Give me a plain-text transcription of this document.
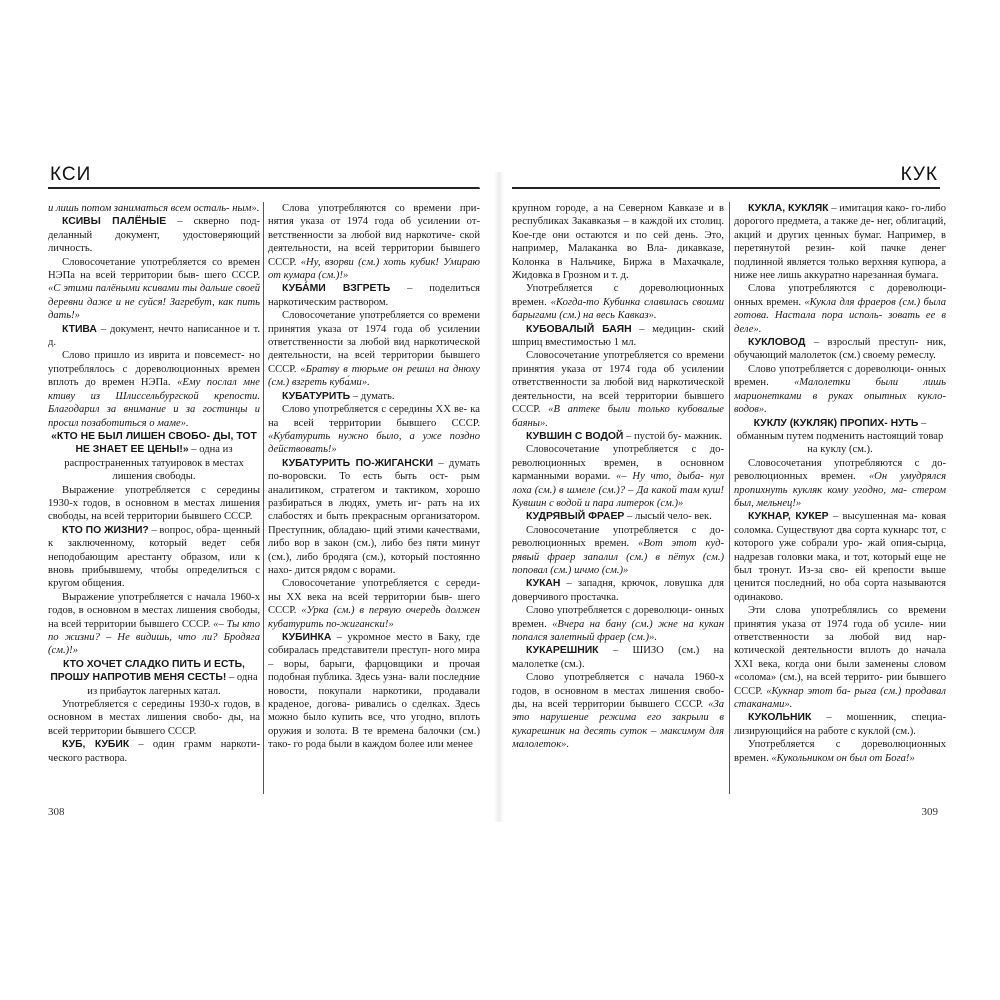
КСИ

и лишь потом заниматься всем осталь- ным».

КСИВЫ ПАЛЁНЫЕ – скверно под- деланный документ, удостоверяющий личность.

Словосочетание употребляется со времен НЭПа на всей территории быв- шего СССР. «С этими палёными ксивами ты дальше своей деревни даже и не суйся! Загребут, как пить дать!»

КТИВА – документ, нечто написанное и т. д.

Слово пришло из иврита и повсемест- но употреблялось с дореволюционных времен вплоть до времен НЭПа. «Ему послал мне ктиву из Шлиссельбургской крепости. Благодарил за внимание и за гостинцы и просил позаботиться о маме».

«КТО НЕ БЫЛ ЛИШЕН СВОБО- ДЫ, ТОТ НЕ ЗНАЕТ ЕЕ ЦЕНЫ!» – одна из распространенных татуировок в местах лишения свободы.

Выражение употребляется с середины 1930-х годов, в основном в местах лишения свободы, на всей территории бывшего СССР.

КТО ПО ЖИЗНИ? – вопрос, обра- щенный к заключенному, который ведет себя неподобающим арестанту образом, или к вновь прибывшему, чтобы определиться с кругом общения.

Выражение употребляется с начала 1960-х годов, в основном в местах лишения свободы, на всей территории бывшего СССР. «– Ты кто по жизни? – Не видишь, что ли? Бродяга (см.)!»

КТО ХОЧЕТ СЛАДКО ПИТЬ И ЕСТЬ, ПРОШУ НАПРОТИВ МЕНЯ СЕСТЬ! – одна из прибауток лагерных катал.

Употребляется с середины 1930-х годов, в основном в местах лишения свобо- ды, на всей территории бывшего СССР.

КУБ, КУБИК – один грамм наркоти- ческого раствора.

Слова употребляются со времени при- нятия указа от 1974 года об усилении от- ветственности за любой вид наркотиче- ской деятельности, на всей территории бывшего СССР. «Ну, взорви (см.) хоть кубик! Умираю от кумара (см.)!»

КУБА́МИ ВЗГРЕТЬ – поделиться наркотическим раствором.

Словосочетание употребляется со времени принятия указа от 1974 года об усилении ответственности за любой вид наркотической деятельности, на всей территории бывшего СССР. «Братву в тюрьме он решил на днюху (см.) взгреть куба́ми».

КУБАТУРИТЬ – думать.

Слово употребляется с середины XX ве- ка на всей территории бывшего СССР. «Кубатурить нужно было, а уже поздно действовать!»

КУБАТУРИТЬ ПО-ЖИГАНСКИ – думать по-воровски. То есть быть ост- рым аналитиком, стратегом и тактиком, хорошо разбираться в людях, уметь иг- рать на их слабостях и быть прекрасным организатором. Преступник, обладаю- щий этими качествами, либо вор в закон (см.), либо без пяти минут (см.), либо бродяга (см.), который постоянно нахо- дится рядом с ворами.

Словосочетание употребляется с середи- ны XX века на всей территории быв- шего СССР. «Урка (см.) в первую очередь должен кубатурить по-жигански!»

КУБИНКА – укромное место в Баку, где собиралась представители преступ- ного мира – воры, барыги, фарцовщики и прочая подобная публика. Здесь узна- вали последние новости, покупали наркотики, продавали краденое, догова- ривались о сделках. Здесь можно было купить все, что угодно, вплоть оружия и золота. В те времена балочки (см.) тако- го рода были в каждом более или менее

308
КУК

крупном городе, а на Северном Кавказе и в республиках Закавказья – в каждой их столиц. Кое-где они остаются и по сей день. Это, например, Малаканка во Вла- дикавказе, Колонка в Нальчике, Биржа в Махачкале, Жидовка в Грозном и т. д.

Употребляется с дореволюционных времен. «Когда-то Кубинка славилась своими барыгами (см.) на весь Кавказ».

КУБОВАЛЫЙ БАЯН – медицин- ский шприц вместимостью 1 мл.

Словосочетание употребляется со времени принятия указа от 1974 года об усилении ответственности за любой вид наркотической деятельности, на всей территории бывшего СССР. «В аптеке были только кубовалые баяны».

КУВШИН С ВОДОЙ – пустой бу- мажник.

Словосочетание употребляется с до- революционных времен, в основном карманными ворами. «– Ну что, дыба- нул лоха (см.) в шмеле (см.)? – Да какой там куш! Кувшин с водой и пара литерок (см.)»

КУДРЯВЫЙ ФРАЕР – лысый чело- век.

Словосочетание употребляется с до- революционных времен. «Вот этот куд- рявый фраер запалил (см.) в пётух (см.) поповал (см.) шчмо (см.)»

КУКАН – западня, крючок, ловушка для доверчивого простачка.

Слово употребляется с дореволюци- онных времен. «Вчера на бану (см.) жне на кукан попался залетный фраер (см.)».

КУКАРЕШНИК – ШИЗО (см.) на малолетке (см.).

Слово употребляется с начала 1960-х годов, в основном в местах лишения свобо- ды, на всей территории бывшего СССР. «За это нарушение режима его закрыли в кукарешник на десять суток – максимум для малолеток».

КУКЛА, КУКЛЯК – имитация како- го-либо дорогого предмета, а также де- нег, облигаций, акций и других ценных бумаг. Например, в перетянутой резин- кой пачке денег подлинной является только верхняя купюра, а ниже нее лишь аккуратно нарезанная бумага.

Слова употребляются с дореволюци- онных времен. «Кукла для фраеров (см.) была готова. Настала пора исполь- зовать ее в деле».

КУКЛОВОД – взрослый преступ- ник, обучающий малолеток (см.) своему ремеслу.

Слово употребляется с дореволюци- онных времен. «Малолетки были лишь марионетками в руках опытных кукло- водов».

КУКЛУ (КУКЛЯК) ПРОПИХ- НУТЬ – обманным путем подменить настоящий товар на куклу (см.).

Словосочетания употребляются с до- революционных времен. «Он умудрялся пропихнуть кукляк кому угодно, ма- стером был, мельнец!»

КУКНАР, КУКЕР – высушенная ма- ковая соломка. Существуют два сорта кукнарс тот, с которого уже собрали уро- жай опия-сырца, надрезав головки мака, и тот, который еще не был тронут. Из-за сво- ей крепости выше ценится последний, но оба сорта называются одинаково.

Эти слова употреблялись со времени принятия указа от 1974 года об усиле- нии ответственности за любой вид нар- котической деятельности вплоть до начала XXI века, когда они были заменены словом «солома» (см.), на всей террито- рии бывшего СССР. «Кукнар этот ба- рыга (см.) продавал стаканами».

КУКОЛЬНИК – мошенник, специа- лизирующийся на работе с куклой (см.).

Употребляется с дореволюционных времен. «Кукольником он был от Бога!»

309
